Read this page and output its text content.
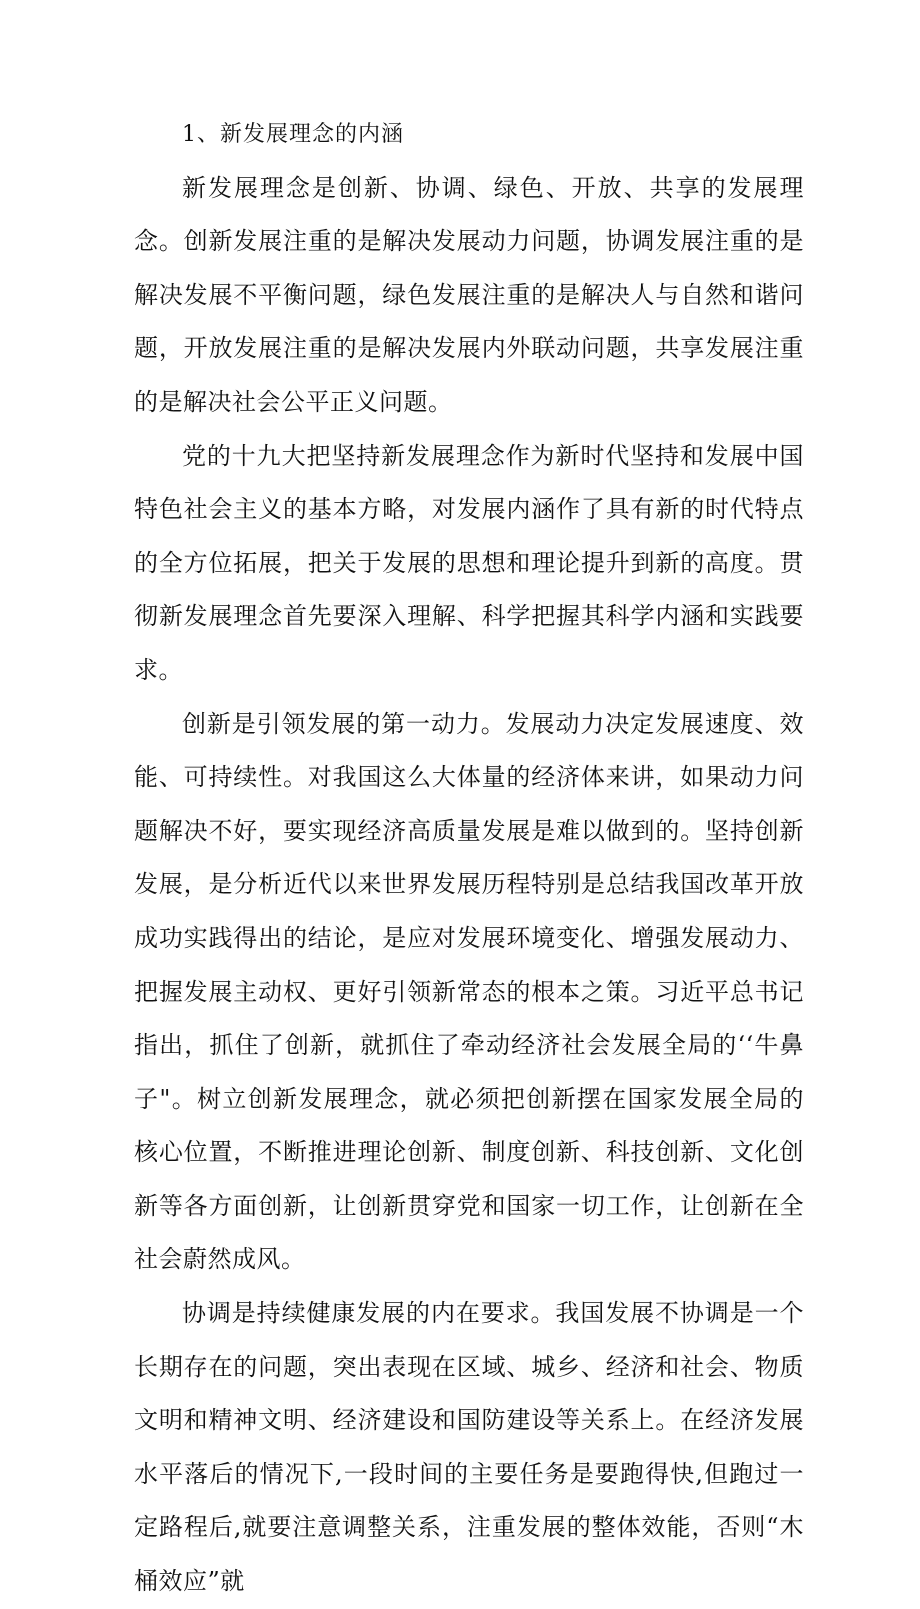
1、新发展理念的内涵

新发展理念是创新、协调、绿色、开放、共享的发展理念。创新发展注重的是解决发展动力问题，协调发展注重的是解决发展不平衡问题，绿色发展注重的是解决人与自然和谐问题，开放发展注重的是解决发展内外联动问题，共享发展注重的是解决社会公平正义问题。

党的十九大把坚持新发展理念作为新时代坚持和发展中国特色社会主义的基本方略，对发展内涵作了具有新的时代特点的全方位拓展，把关于发展的思想和理论提升到新的高度。贯彻新发展理念首先要深入理解、科学把握其科学内涵和实践要求。

创新是引领发展的第一动力。发展动力决定发展速度、效能、可持续性。对我国这么大体量的经济体来讲，如果动力问题解决不好，要实现经济高质量发展是难以做到的。坚持创新发展，是分析近代以来世界发展历程特别是总结我国改革开放成功实践得出的结论，是应对发展环境变化、增强发展动力、把握发展主动权、更好引领新常态的根本之策。习近平总书记指出，抓住了创新，就抓住了牵动经济社会发展全局的‘‘牛鼻子"。树立创新发展理念，就必须把创新摆在国家发展全局的核心位置，不断推进理论创新、制度创新、科技创新、文化创新等各方面创新，让创新贯穿党和国家一切工作，让创新在全社会蔚然成风。

协调是持续健康发展的内在要求。我国发展不协调是一个长期存在的问题，突出表现在区域、城乡、经济和社会、物质文明和精神文明、经济建设和国防建设等关系上。在经济发展水平落后的情况下,一段时间的主要任务是要跑得快,但跑过一定路程后,就要注意调整关系，注重发展的整体效能，否则“木桶效应”就
